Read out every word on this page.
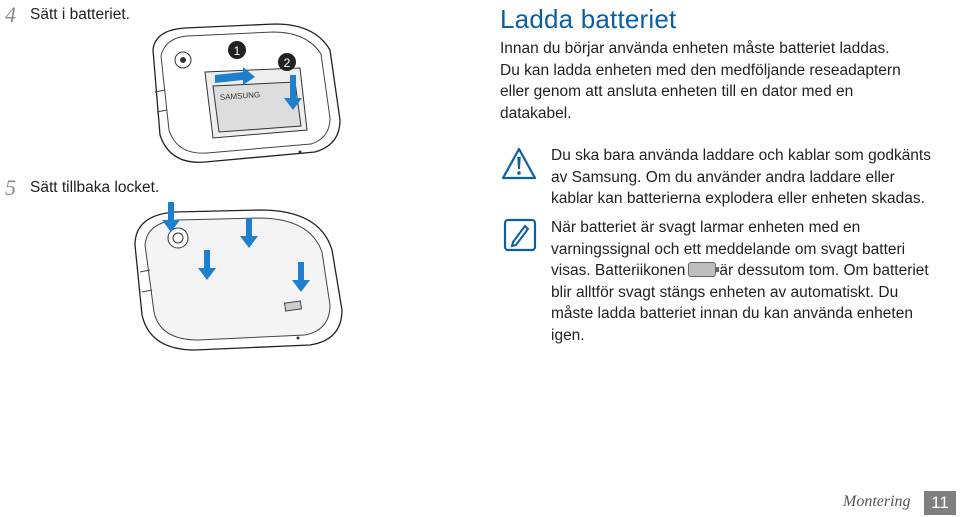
4 Sätt i batteriet.
5 Sätt tillbaka locket.
SAMSUNG
1
2
Ladda batteriet
Innan du börjar använda enheten måste batteriet laddas.
Du kan ladda enheten med den medföljande reseadaptern
eller genom att ansluta enheten till en dator med en
datakabel.
Du ska bara använda laddare och kablar som godkänts
av Samsung. Om du använder andra laddare eller
kablar kan batterierna explodera eller enheten skadas.
När batteriet är svagt larmar enheten med en
varningssignal och ett meddelande om svagt batteri
visas. Batteriikonen är dessutom tom. Om batteriet
blir alltför svagt stängs enheten av automatiskt. Du
måste ladda batteriet innan du kan använda enheten
igen.
Montering	11
